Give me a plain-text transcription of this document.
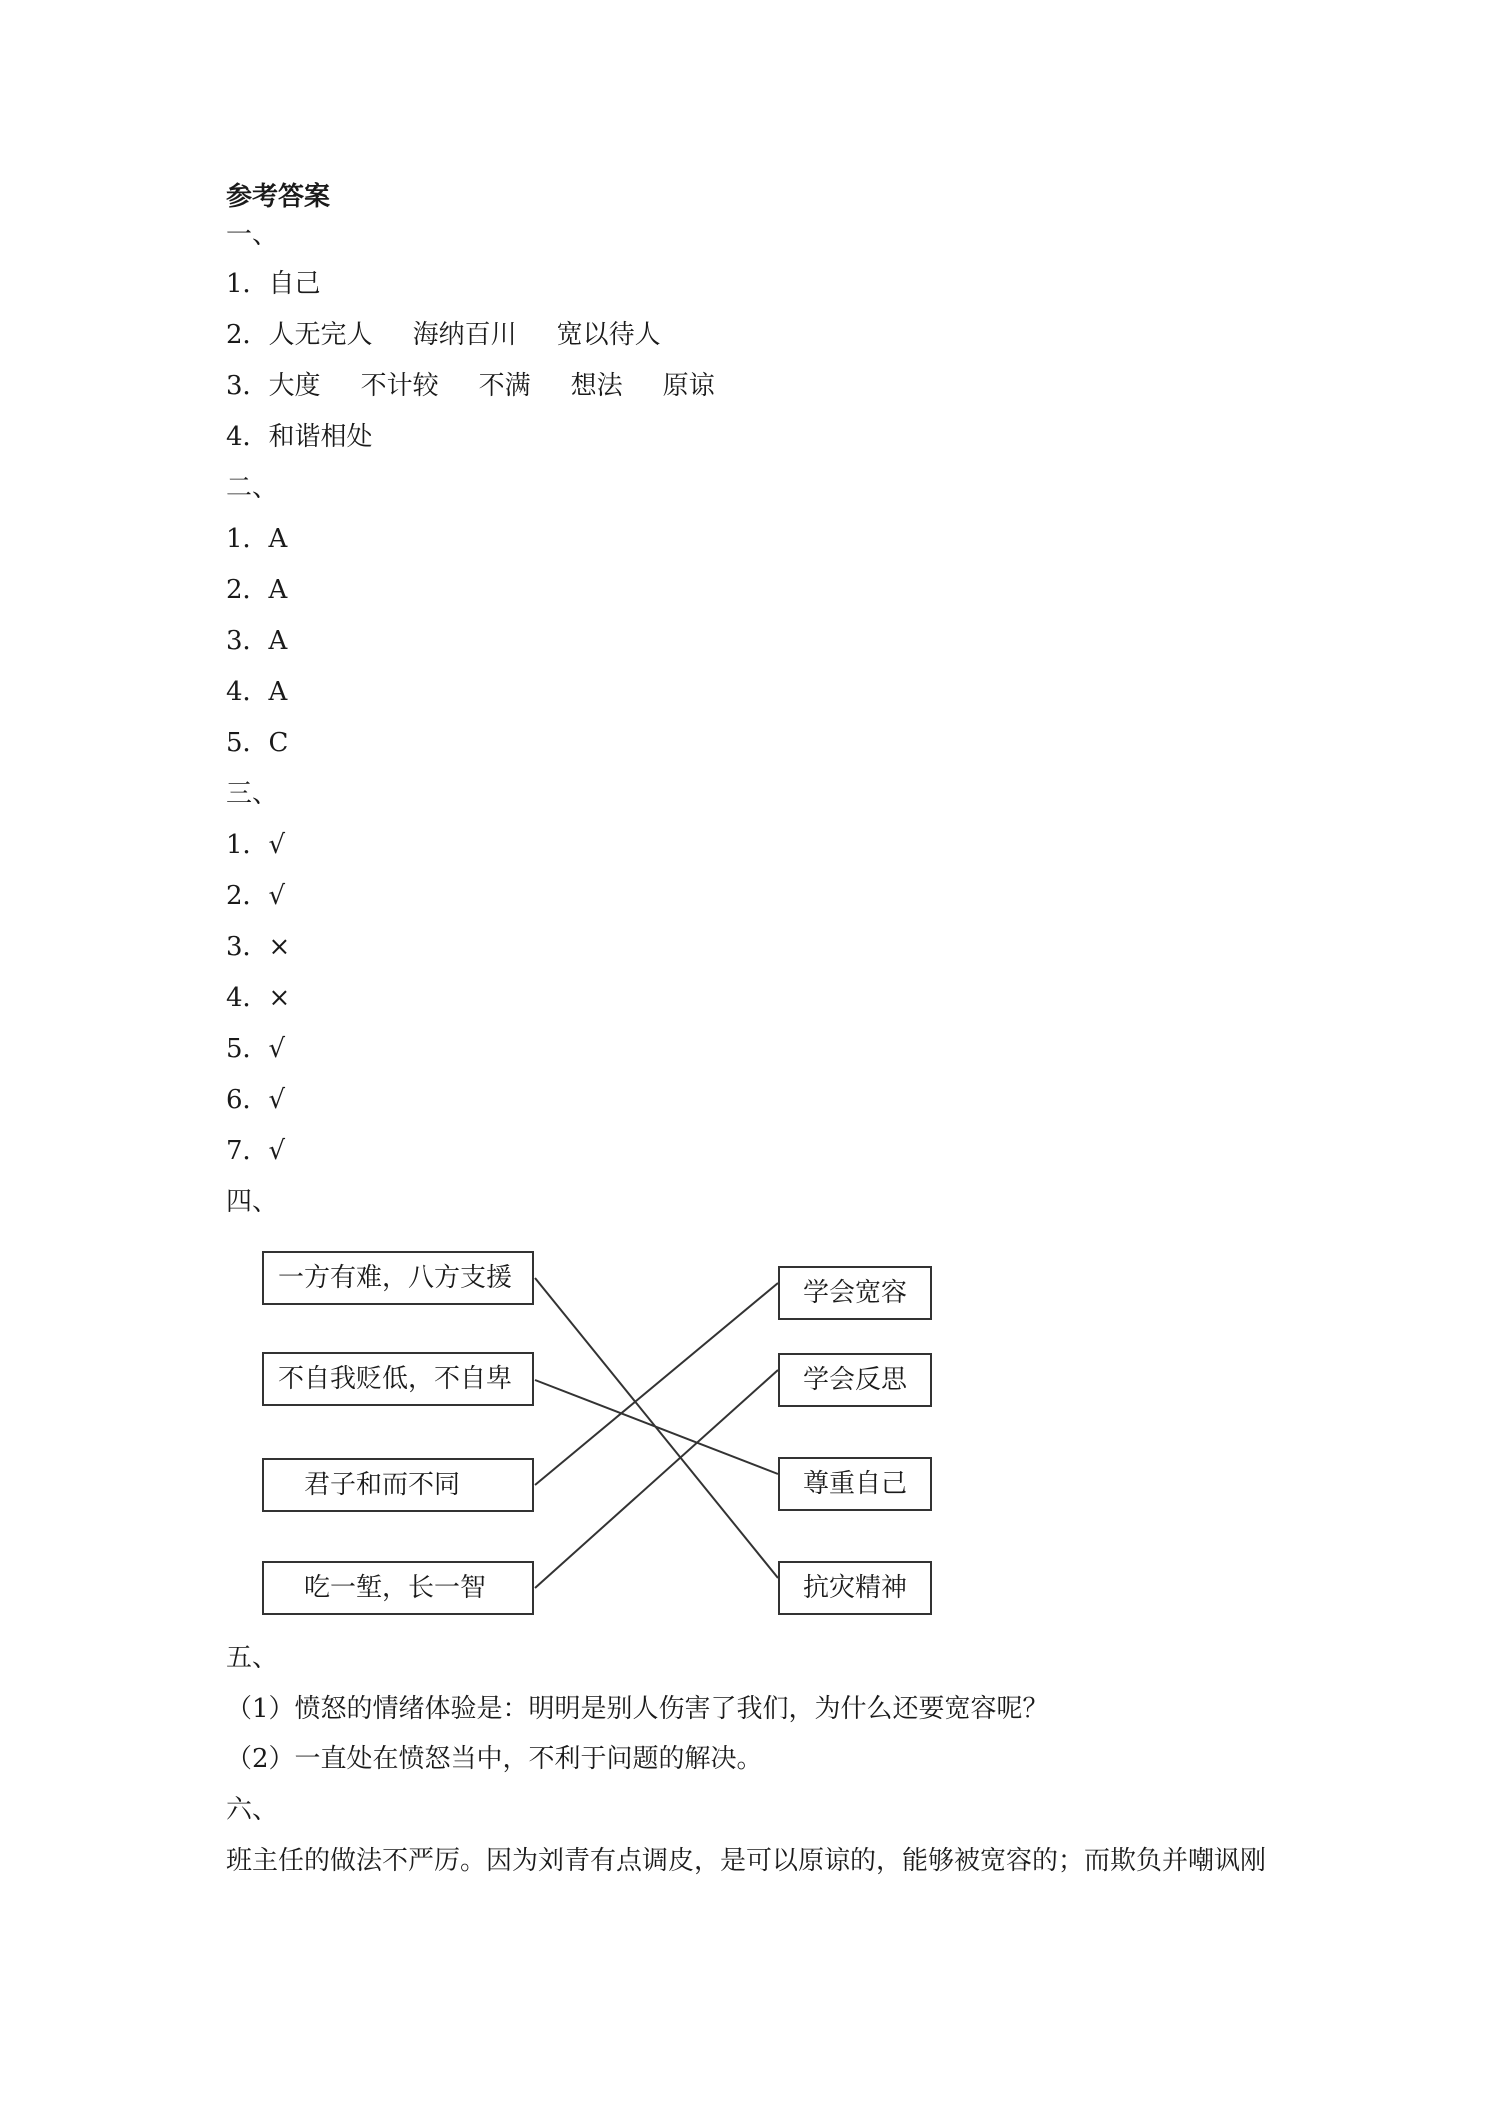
参考答案
一、
1．自己
2．人无完人 海纳百川 宽以待人
3．大度 不计较 不满 想法 原谅
4．和谐相处
二、
1．A
2．A
3．A
4．A
5．C
三、
1．√
2．√
3．×
4．×
5．√
6．√
7．√
四、
一方有难，八方支援
不自我贬低，不自卑
君子和而不同
吃一堑，长一智
学会宽容
学会反思
尊重自己
抗灾精神
五、
（1）愤怒的情绪体验是：明明是别人伤害了我们，为什么还要宽容呢？
（2）一直处在愤怒当中，不利于问题的解决。
六、
班主任的做法不严厉。因为刘青有点调皮，是可以原谅的，能够被宽容的；而欺负并嘲讽刚
